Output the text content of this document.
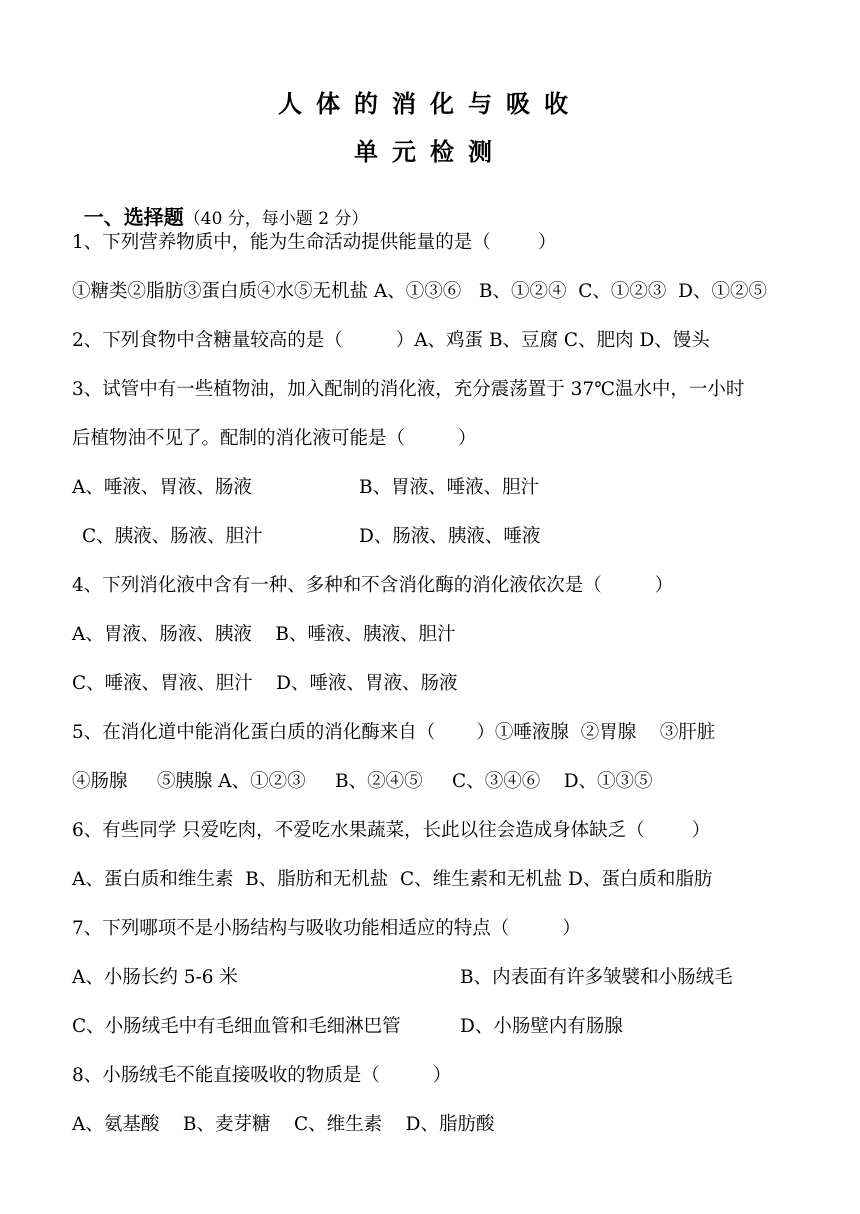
人体的消化与吸收
单元检测

一、选择题（40 分，每小题 2 分）

1、下列营养物质中，能为生命活动提供能量的是（        ）
①糖类②脂肪③蛋白质④水⑤无机盐 A、①③⑥   B、①②④  C、①②③  D、①②⑤
2、下列食物中含糖量较高的是（         ）A、鸡蛋 B、豆腐 C、肥肉 D、馒头
3、试管中有一些植物油，加入配制的消化液，充分震荡置于 37℃温水中，一小时
后植物油不见了。配制的消化液可能是（         ）
A、唾液、胃液、肠液	B、胃液、唾液、胆汁
C、胰液、肠液、胆汁	D、肠液、胰液、唾液
4、下列消化液中含有一种、多种和不含消化酶的消化液依次是（         ）
A、胃液、肠液、胰液    B、唾液、胰液、胆汁
C、唾液、胃液、胆汁    D、唾液、胃液、肠液
5、在消化道中能消化蛋白质的消化酶来自（       ）①唾液腺  ②胃腺    ③肝脏
④肠腺     ⑤胰腺 A、①②③     B、②④⑤     C、③④⑥    D、①③⑤
6、有些同学 只爱吃肉，不爱吃水果蔬菜，长此以往会造成身体缺乏（        ）
A、蛋白质和维生素  B、脂肪和无机盐  C、维生素和无机盐 D、蛋白质和脂肪
7、下列哪项不是小肠结构与吸收功能相适应的特点（         ）
A、小肠长约 5-6 米	B、内表面有许多皱襞和小肠绒毛
C、小肠绒毛中有毛细血管和毛细淋巴管	D、小肠壁内有肠腺
8、小肠绒毛不能直接吸收的物质是（         ）
A、氨基酸    B、麦芽糖    C、维生素    D、脂肪酸
